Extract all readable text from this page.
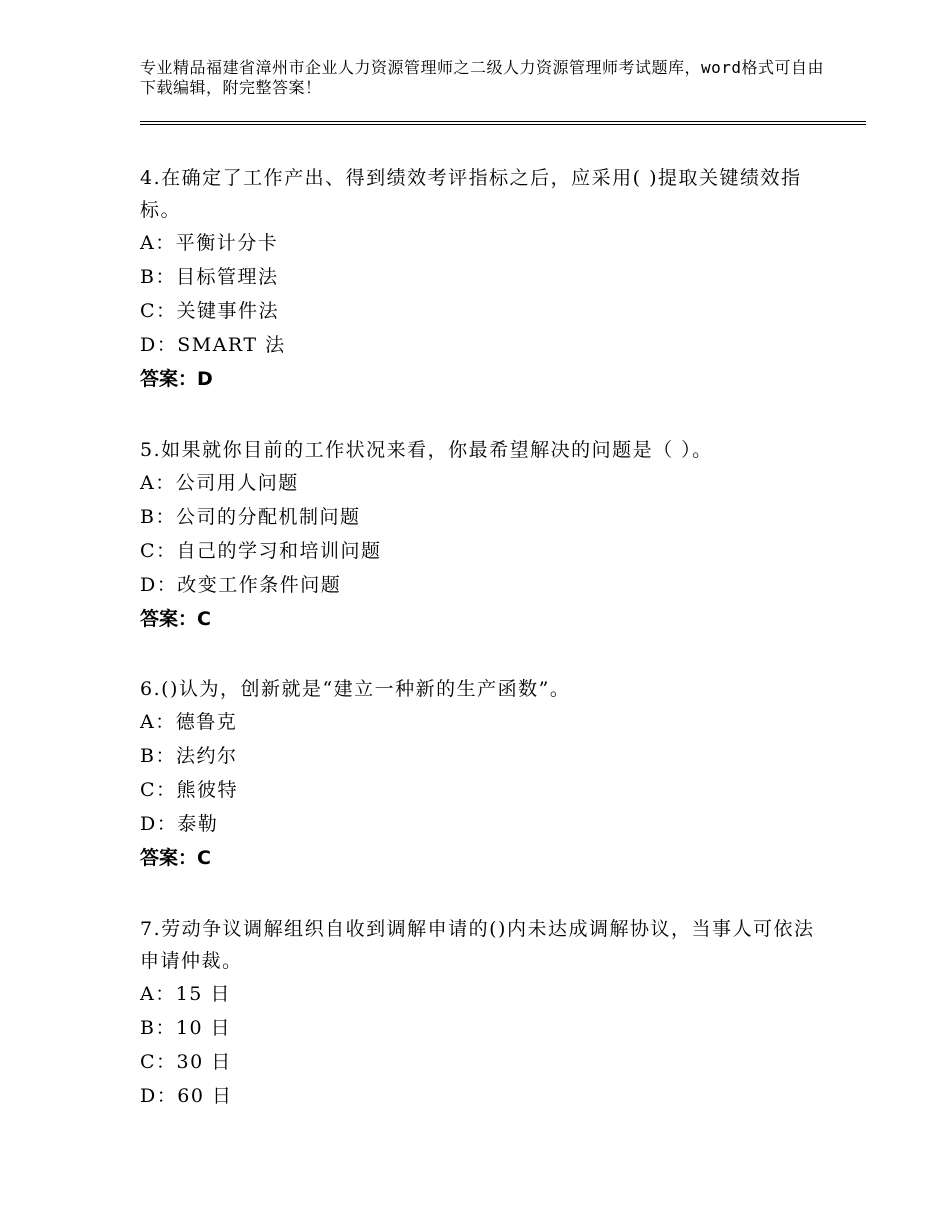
专业精品福建省漳州市企业人力资源管理师之二级人力资源管理师考试题库，word格式可自由下载编辑，附完整答案！

4.在确定了工作产出、得到绩效考评指标之后，应采用( )提取关键绩效指标。

A：平衡计分卡

B：目标管理法

C：关键事件法

D：SMART 法

答案：D

5.如果就你目前的工作状况来看，你最希望解决的问题是（ ）。

A：公司用人问题

B：公司的分配机制问题

C：自己的学习和培训问题

D：改变工作条件问题

答案：C

6.()认为，创新就是“建立一种新的生产函数”。

A：德鲁克

B：法约尔

C：熊彼特

D：泰勒

答案：C

7.劳动争议调解组织自收到调解申请的()内未达成调解协议，当事人可依法申请仲裁。

A：15 日

B：10 日

C：30 日

D：60 日
